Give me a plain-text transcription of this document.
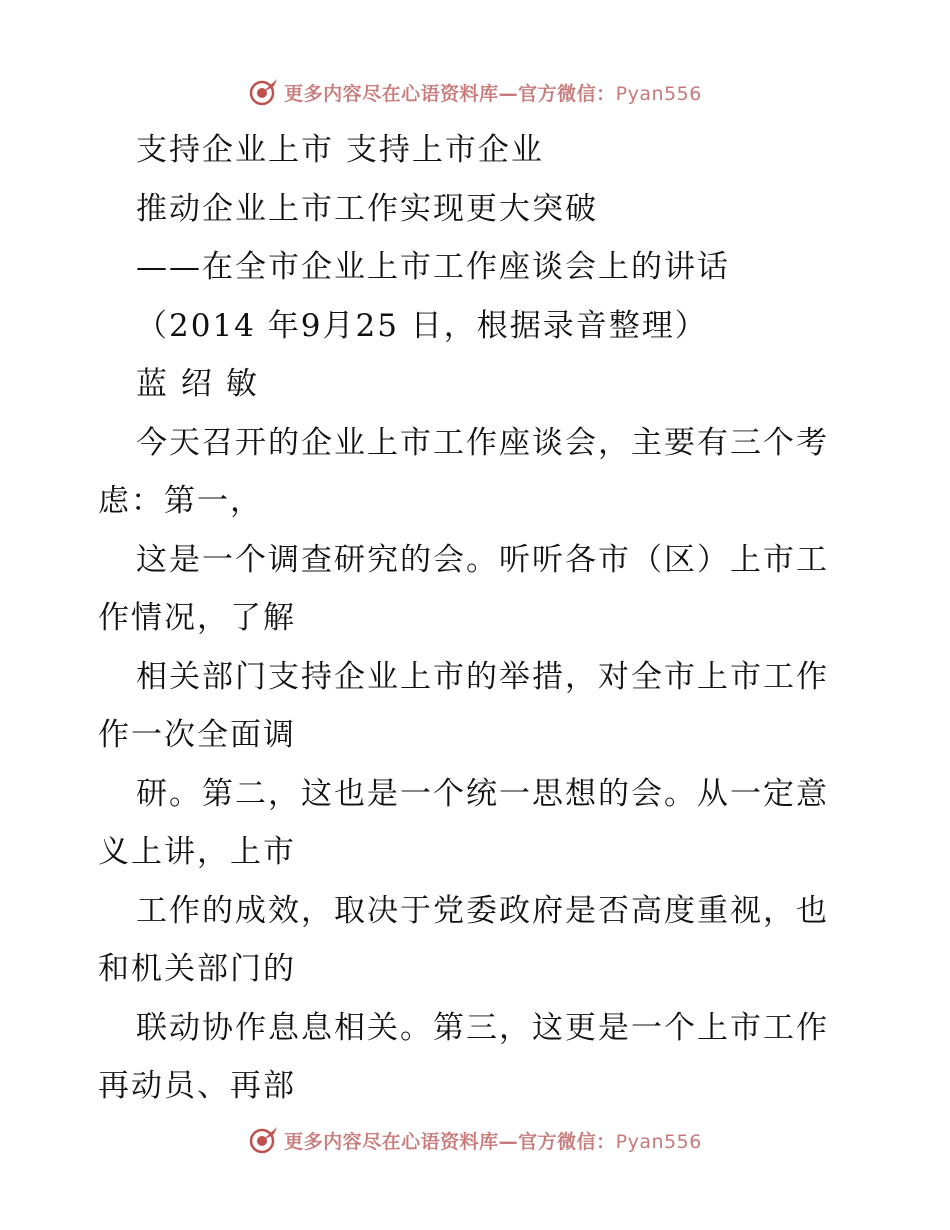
更多内容尽在心语资料库—官方微信：Pyan556
支持企业上市 支持上市企业
推动企业上市工作实现更大突破
——在全市企业上市工作座谈会上的讲话
（2014 年9月25 日，根据录音整理）
蓝 绍 敏
今天召开的企业上市工作座谈会，主要有三个考
虑：第一，
这是一个调查研究的会。听听各市（区）上市工
作情况，了解
相关部门支持企业上市的举措，对全市上市工作
作一次全面调
研。第二，这也是一个统一思想的会。从一定意
义上讲，上市
工作的成效，取决于党委政府是否高度重视，也
和机关部门的
联动协作息息相关。第三，这更是一个上市工作
再动员、再部
更多内容尽在心语资料库—官方微信：Pyan556
